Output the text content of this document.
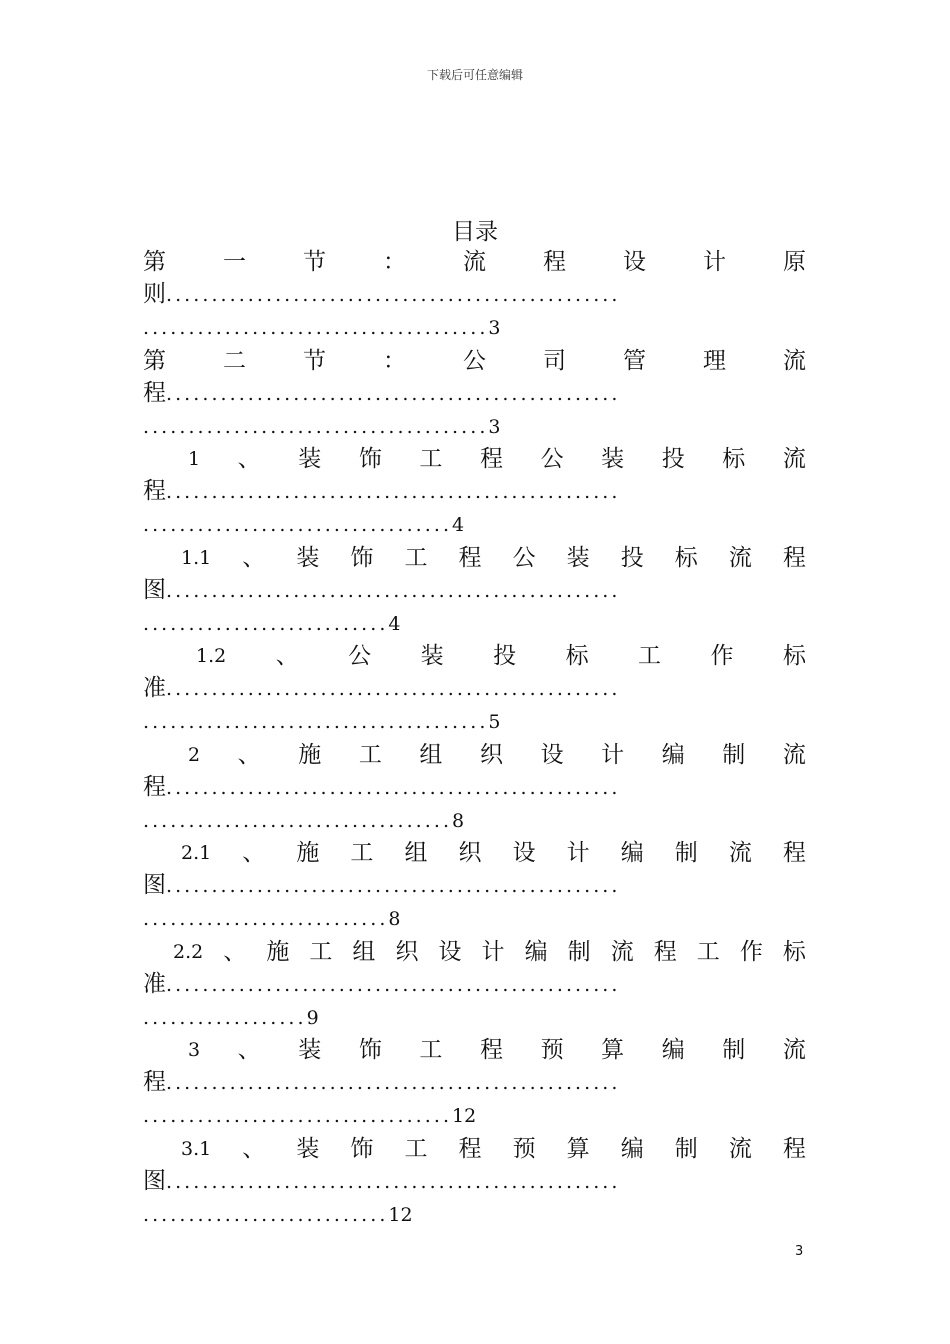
下载后可任意编辑
目录
第 一 节 ： 流 程 设 计 原
则..................................................
......................................3
第 二 节 ： 公 司 管 理 流
程..................................................
......................................3
1 、 装 饰 工 程 公 装 投 标 流
程..................................................
..................................4
1.1 、 装 饰 工 程 公 装 投 标 流 程
图..................................................
...........................4
1.2 、 公 装 投 标 工 作 标
准..................................................
......................................5
2 、 施 工 组 织 设 计 编 制 流
程..................................................
..................................8
2.1 、 施 工 组 织 设 计 编 制 流 程
图..................................................
...........................8
2.2 、 施 工 组 织 设 计 编 制 流 程 工 作 标
准..................................................
..................9
3 、 装 饰 工 程 预 算 编 制 流
程..................................................
..................................12
3.1 、 装 饰 工 程 预 算 编 制 流 程
图..................................................
...........................12
3
